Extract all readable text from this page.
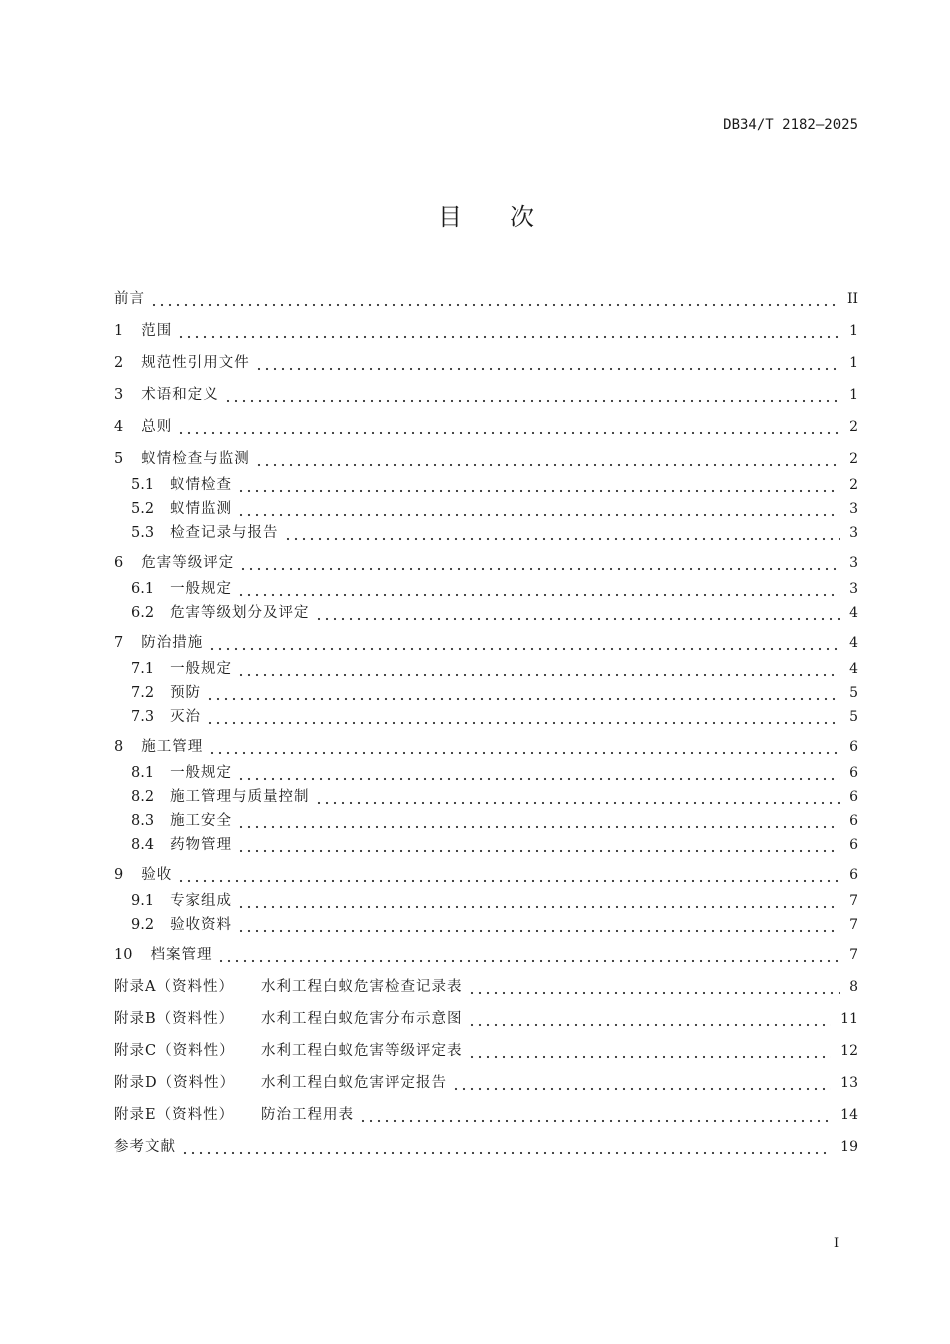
DB34/T 2182—2025
目　　次
前言	II
1 范围	1
2 规范性引用文件	1
3 术语和定义	1
4 总则	2
5 蚁情检查与监测	2
5.1 蚁情检查	2
5.2 蚁情监测	3
5.3 检查记录与报告	3
6 危害等级评定	3
6.1 一般规定	3
6.2 危害等级划分及评定	4
7 防治措施	4
7.1 一般规定	4
7.2 预防	5
7.3 灭治	5
8 施工管理	6
8.1 一般规定	6
8.2 施工管理与质量控制	6
8.3 施工安全	6
8.4 药物管理	6
9 验收	6
9.1 专家组成	7
9.2 验收资料	7
10 档案管理	7
附录A（资料性）	水利工程白蚁危害检查记录表	8
附录B（资料性）	水利工程白蚁危害分布示意图	11
附录C（资料性）	水利工程白蚁危害等级评定表	12
附录D（资料性）	水利工程白蚁危害评定报告	13
附录E（资料性）	防治工程用表	14
参考文献	19
I
